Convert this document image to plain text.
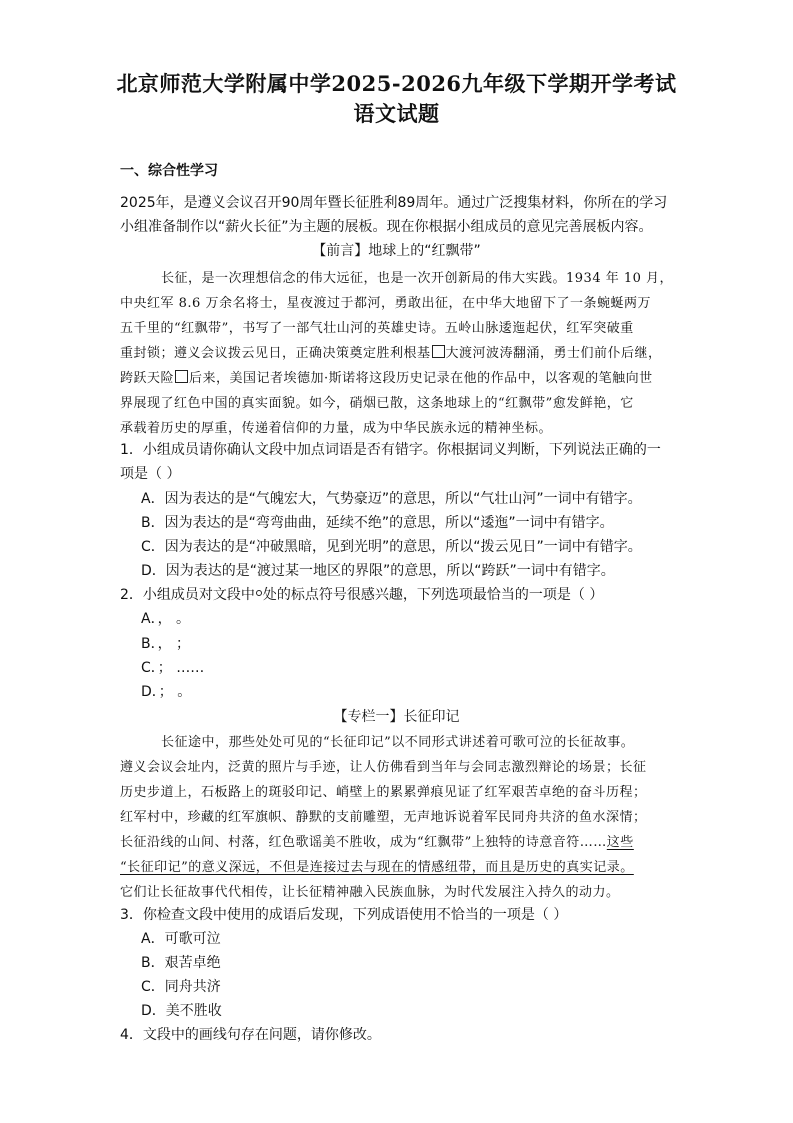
北京师范大学附属中学2025-2026九年级下学期开学考试
语文试题
一、综合性学习
2025年，是遵义会议召开90周年暨长征胜利89周年。通过广泛搜集材料，你所在的学习
小组准备制作以“薪火长征”为主题的展板。现在你根据小组成员的意见完善展板内容。
【前言】地球上的“红飘带”
长征，是一次理想信念的伟大远征，也是一次开创新局的伟大实践。1934 年 10 月，
中央红军 8.6 万余名将士，星夜渡过于都河，勇敢出征，在中华大地留下了一条蜿蜒两万
五千里的“红飘带”，书写了一部气壮山河的英雄史诗。五岭山脉逶迤起伏，红军突破重
重封锁；遵义会议拨云见日，正确决策奠定胜利根基 大渡河波涛翻涌，勇士们前仆后继，
跨跃天险 后来，美国记者埃德加·斯诺将这段历史记录在他的作品中，以客观的笔触向世
界展现了红色中国的真实面貌。如今，硝烟已散，这条地球上的“红飘带”愈发鲜艳，它
承载着历史的厚重，传递着信仰的力量，成为中华民族永远的精神坐标。
1．小组成员请你确认文段中加点词语是否有错字。你根据词义判断，下列说法正确的一
项是（ ）
A．因为表达的是“气魄宏大，气势豪迈”的意思，所以“气壮山河”一词中有错字。
B．因为表达的是“弯弯曲曲，延续不绝”的意思，所以“逶迤”一词中有错字。
C．因为表达的是“冲破黑暗，见到光明”的意思，所以“拨云见日”一词中有错字。
D．因为表达的是“渡过某一地区的界限”的意思，所以“跨跃”一词中有错字。
2．小组成员对文段中○处的标点符号很感兴趣，下列选项最恰当的一项是（ ）
A．， 。
B．， ；
C．； ……
D．； 。
【专栏一】长征印记
长征途中，那些处处可见的“长征印记”以不同形式讲述着可歌可泣的长征故事。
遵义会议会址内，泛黄的照片与手迹，让人仿佛看到当年与会同志激烈辩论的场景；长征
历史步道上，石板路上的斑驳印记、峭壁上的累累弹痕见证了红军艰苦卓绝的奋斗历程；
红军村中，珍藏的红军旗帜、静默的支前雕塑，无声地诉说着军民同舟共济的鱼水深情；
长征沿线的山间、村落，红色歌谣美不胜收，成为“红飘带”上独特的诗意音符……这些
“长征印记”的意义深远，不但是连接过去与现在的情感纽带，而且是历史的真实记录。
它们让长征故事代代相传，让长征精神融入民族血脉，为时代发展注入持久的动力。
3．你检查文段中使用的成语后发现，下列成语使用不恰当的一项是（ ）
A．可歌可泣
B．艰苦卓绝
C．同舟共济
D．美不胜收
4．文段中的画线句存在问题，请你修改。
